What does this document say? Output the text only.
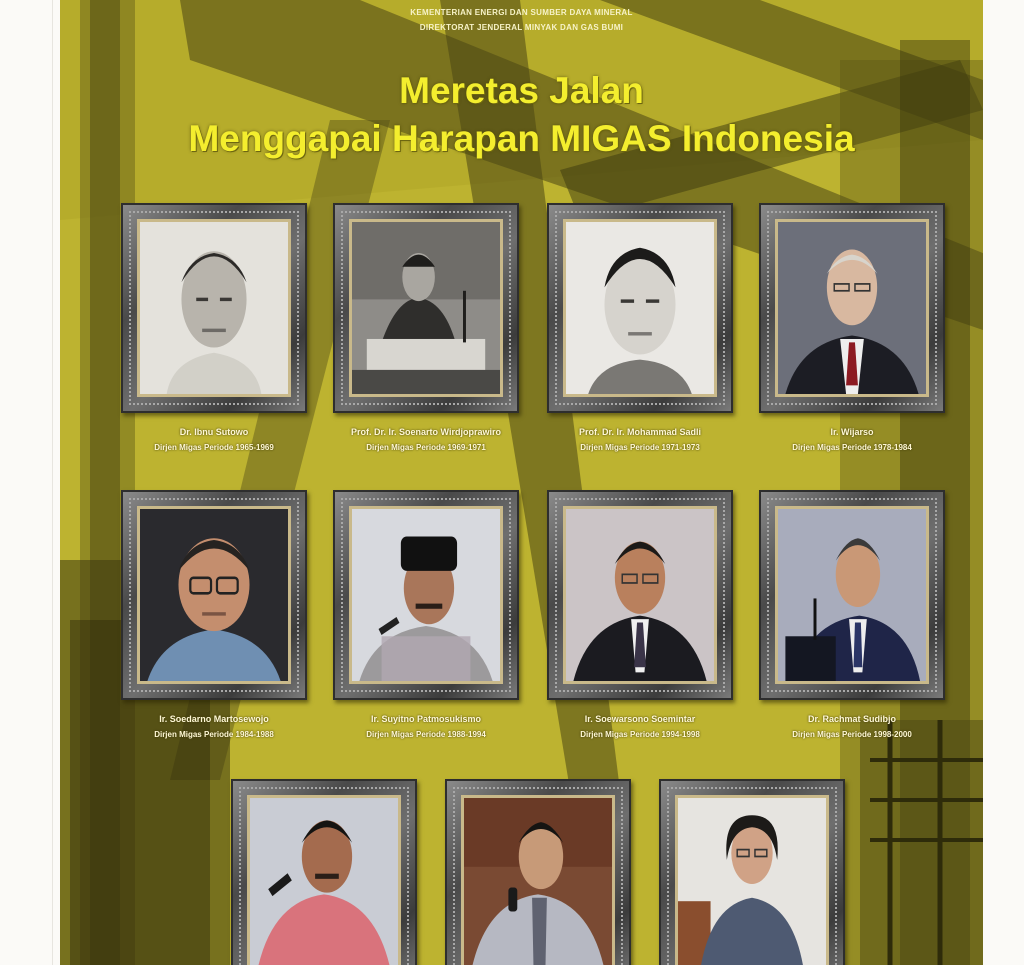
KEMENTERIAN ENERGI DAN SUMBER DAYA MINERAL
DIREKTORAT JENDERAL MINYAK DAN GAS BUMI
Meretas Jalan
Menggapai Harapan MIGAS Indonesia
Dr. Ibnu Sutowo
Dirjen Migas Periode 1965-1969
Prof. Dr. Ir. Soenarto Wirdjoprawiro
Dirjen Migas Periode 1969-1971
Prof. Dr. Ir. Mohammad Sadli
Dirjen Migas Periode 1971-1973
Ir. Wijarso
Dirjen Migas Periode 1978-1984
Ir. Soedarno Martosewojo
Dirjen Migas Periode 1984-1988
Ir. Suyitno Patmosukismo
Dirjen Migas Periode 1988-1994
Ir. Soewarsono Soemintar
Dirjen Migas Periode 1994-1998
Dr. Rachmat Sudibjo
Dirjen Migas Periode 1998-2000
